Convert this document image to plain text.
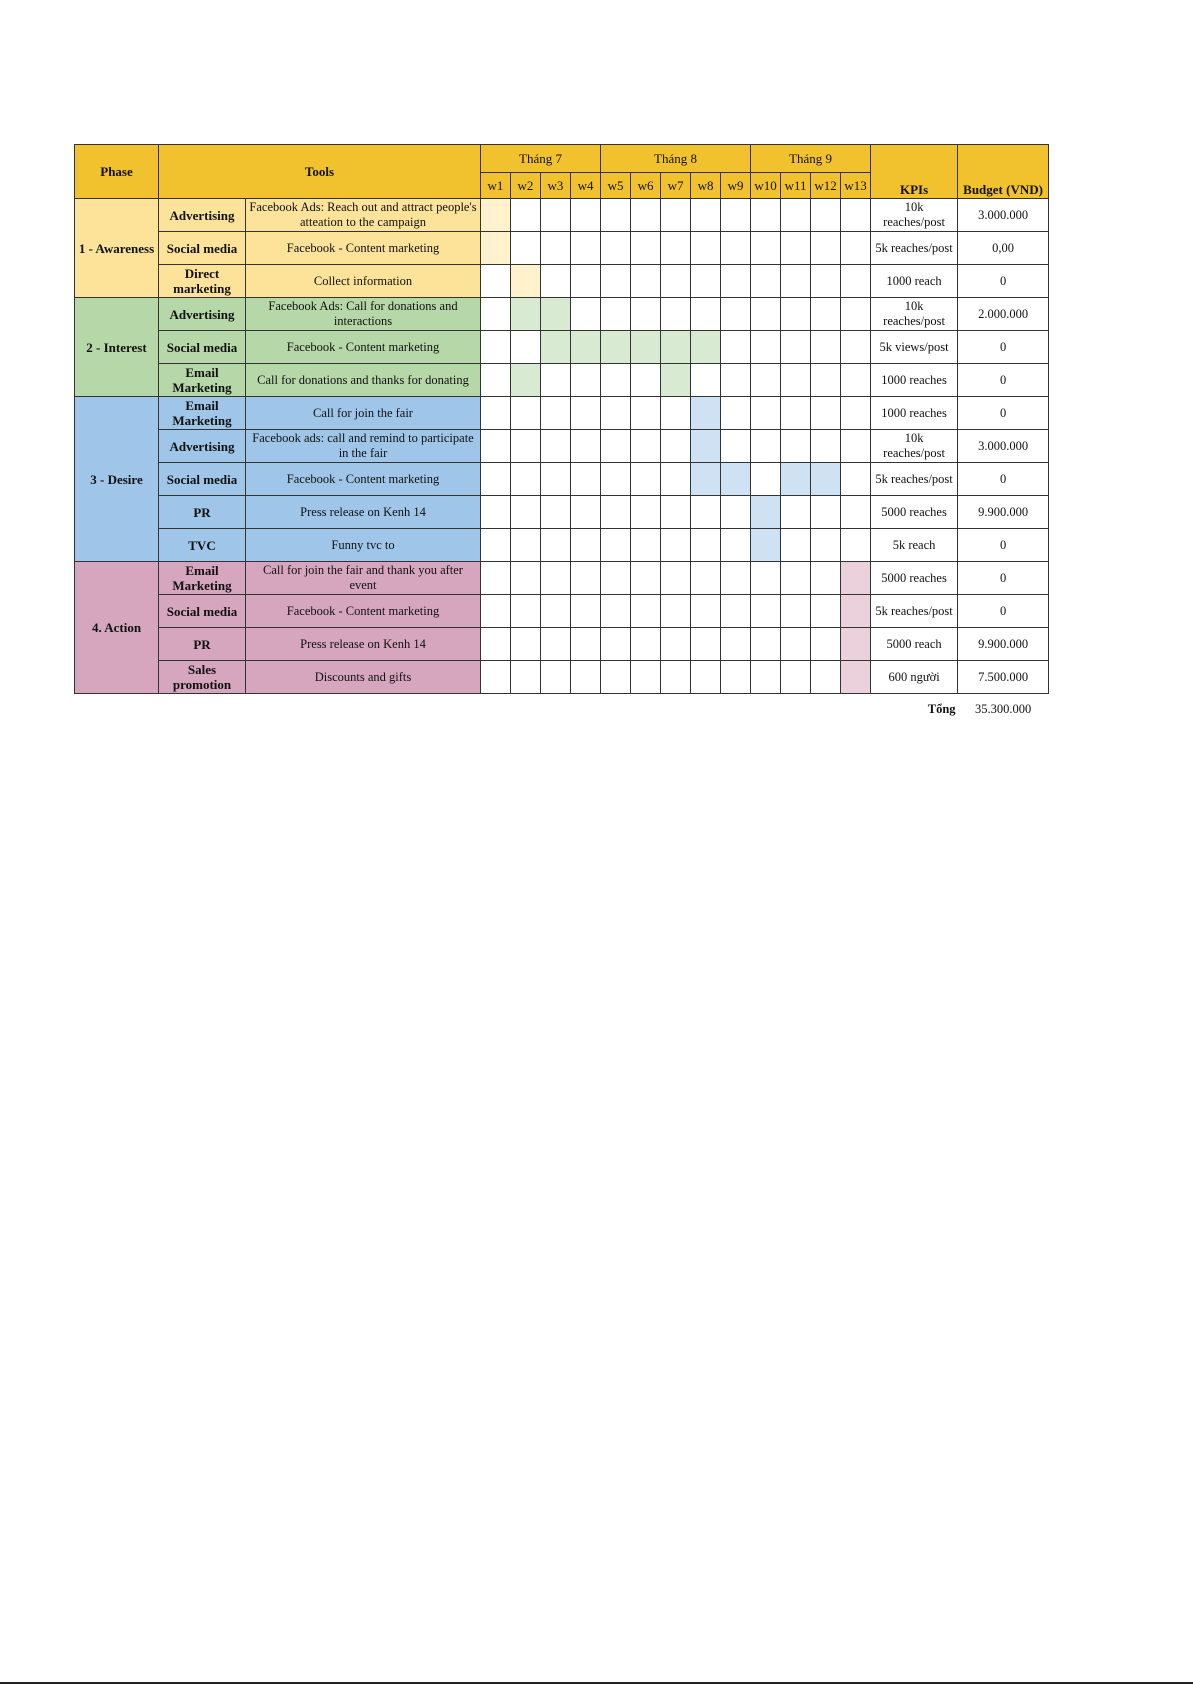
Phase	Tools		Tháng 7				Tháng 8					Tháng 9				KPIs	Budget (VND)
			w1	w2	w3	w4	w5	w6	w7	w8	w9	w10	w11	w12	w13		
1 - Awareness	Advertising	Facebook Ads: Reach out and attract people's atteation to the campaign														10k reaches/post	3.000.000
	Social media	Facebook - Content marketing														5k reaches/post	0,00
	Direct marketing	Collect information														1000 reach	0
2 - Interest	Advertising	Facebook Ads: Call for donations and interactions														10k reaches/post	2.000.000
	Social media	Facebook - Content marketing														5k views/post	0
	Email Marketing	Call for donations and thanks for donating														1000 reaches	0
3 - Desire	Email Marketing	Call for join the fair														1000 reaches	0
	Advertising	Facebook ads: call and remind to participate in the fair														10k reaches/post	3.000.000
	Social media	Facebook - Content marketing														5k reaches/post	0
	PR	Press release on Kenh 14														5000 reaches	9.900.000
	TVC	Funny tvc to														5k reach	0
4. Action	Email Marketing	Call for join the fair and thank you after event														5000 reaches	0
	Social media	Facebook - Content marketing														5k reaches/post	0
	PR	Press release on Kenh 14														5000 reach	9.900.000
	Sales promotion	Discounts and gifts														600 người	7.500.000
																Tổng	35.300.000
